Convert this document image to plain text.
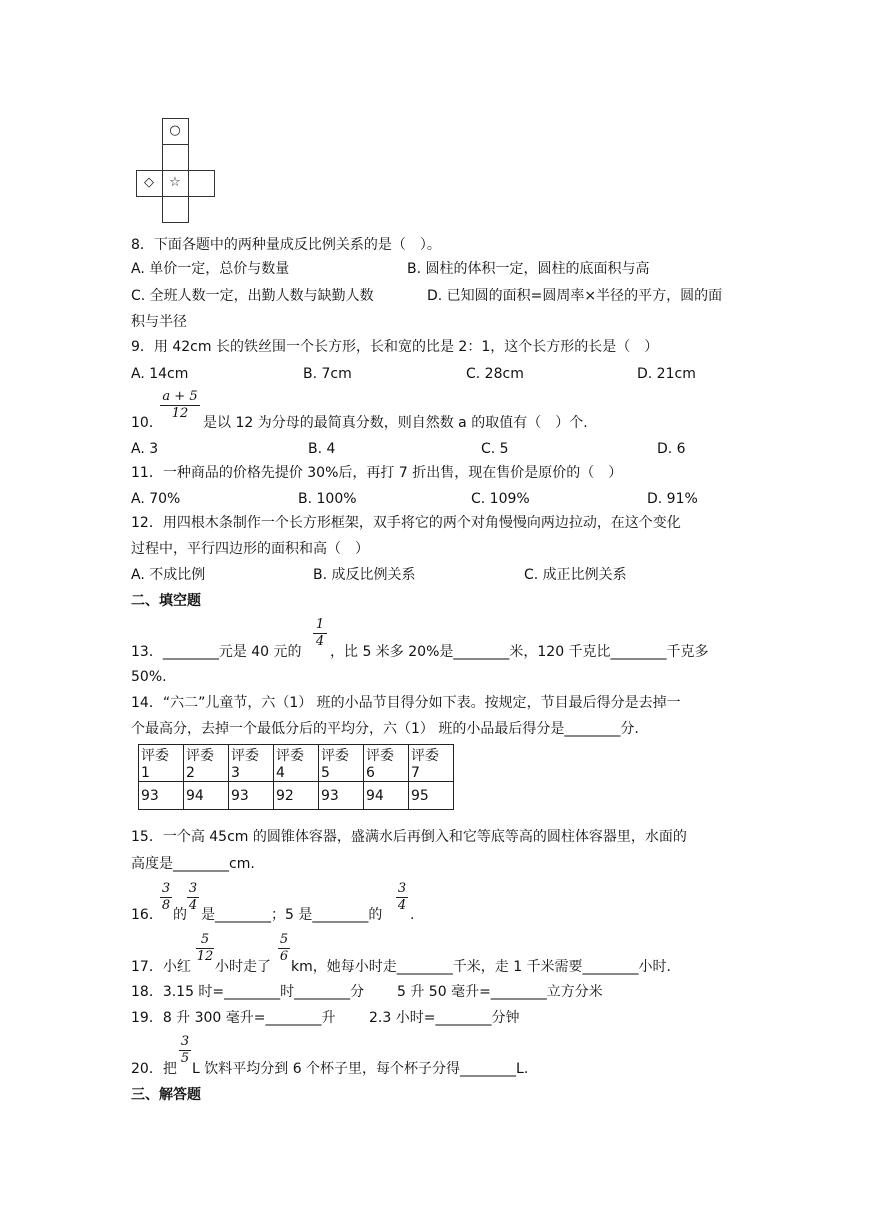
○
◇	☆
8．下面各题中的两种量成反比例关系的是（　）。
A. 单价一定，总价与数量	B. 圆柱的体积一定，圆柱的底面积与高
C. 全班人数一定，出勤人数与缺勤人数	D. 已知圆的面积=圆周率×半径的平方，圆的面
积与半径
9．用 42cm 长的铁丝围一个长方形，长和宽的比是 2：1，这个长方形的长是（　）
A. 14cm	B. 7cm	C. 28cm	D. 21cm
10．
a + 5
12
是以 12 为分母的最简真分数，则自然数 a 的取值有（　）个.
A. 3	B. 4	C. 5	D. 6
11．一种商品的价格先提价 30%后，再打 7 折出售，现在售价是原价的（　）
A. 70%	B. 100%	C. 109%	D. 91%
12．用四根木条制作一个长方形框架，双手将它的两个对角慢慢向两边拉动，在这个变化
过程中，平行四边形的面积和高（　）
A. 不成比例	B. 成反比例关系	C. 成正比例关系
二、填空题
13．________元是 40 元的
1
4
，比 5 米多 20%是________米，120 千克比________千克多
50%.
14．“六二”儿童节，六（1） 班的小品节目得分如下表。按规定，节目最后得分是去掉一
个最高分，去掉一个最低分后的平均分，六（1） 班的小品最后得分是________分.
评委 1	评委 2	评委 3	评委 4	评委 5	评委 6	评委 7
93	94	93	92	93	94	95
15．一个高 45cm 的圆锥体容器，盛满水后再倒入和它等底等高的圆柱体容器里，水面的
高度是________cm.
16．
3
8
的
3
4
是________；5 是________的
3
4
.
17．小红
5
12
小时走了
5
6
km，她每小时走________千米，走 1 千米需要________小时.
18．3.15 时=________时________分 5 升 50 毫升=________立方分米
19．8 升 300 毫升=________升 2.3 小时=________分钟
20．把
3
5
L 饮料平均分到 6 个杯子里，每个杯子分得________L.
三、解答题
